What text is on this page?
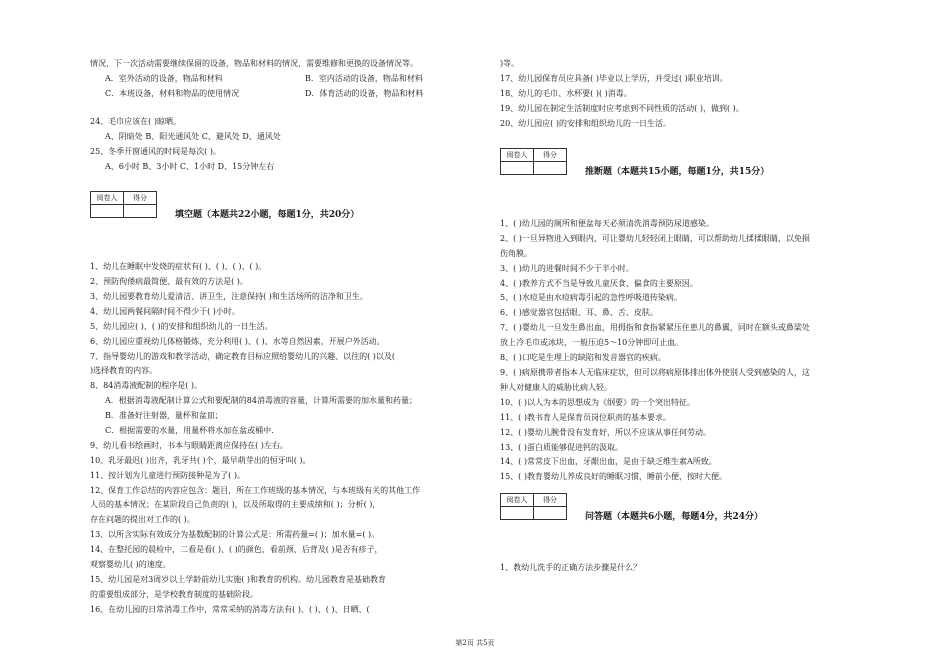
情况，下一次活动需要继续保留的设备，物品和材料的情况，需要维修和更换的设备情况等。
A．室外活动的设备，物品和材料	B．室内活动的设备，物品和材料
C．本班设备，材料和物品的使用情况	D．体育活动的设备，物品和材料
24、毛巾应该在( )晾晒。
A、阴暗处 B、阳光通风处 C、避风处 D、通风处
25、冬季开窗通风的时间是每次( )。
A、6小时 B、3小时 C、1小时 D、15分钟左右
阅卷人	得分

填空题（本题共22小题，每题1分，共20分）
1、幼儿在睡眠中发烧的症状有( )、( )、( )、( )。
2、预防佝偻病最简便、最有效的方法是( )。
3、幼儿园要教育幼儿爱清洁、讲卫生，注意保持( )和生活场所的洁净和卫生。
4、幼儿园两餐间隔时间不得少于( )小时。
5、幼儿园应( )、( )的安排和组织幼儿的一日生活。
6、幼儿园应重视幼儿体格锻炼，充分利用( )、( )、水等自然因素，开展户外活动。
7、指导婴幼儿的游戏和教学活动，确定教育目标应照给婴幼儿的兴趣、以往的( )以及(
)选择教育的内容。
8、84消毒液配制的程序是( )。
A．根据消毒液配制计算公式和要配制的84消毒液的容量，计算所需要的加水量和药量；
B．准备好注射器，量杯和盆皿；
C．根据需要的水量，用量杯将水加在盆或桶中.
9、幼儿看书绘画时，书本与眼睛距离应保持在( )左右。
10、乳牙最迟( )出齐，乳牙共( )个，最早萌芽出的恒牙叫( )。
11、按计划为儿童进行预防接种是为了( )。
12、保育工作总结的内容应包含：题目，所在工作班级的基本情况，与本班级有关的其他工作
人员的基本情况；在某阶段自己负责的( )，以及所取得的主要成绩和( )；分析( )，
存在问题的提出对工作的( )。
13、以所含实际有效成分为基数配制的计算公式是：所需药量=( )；加水量=( )。
14、在整托园的晨检中，二看是看( )、( )的颜色，看前颈、后背及( )是否有疹子，
观察婴幼儿( )的速度。
15、幼儿园是对3周岁以上学龄前幼儿实施( )和教育的机构。幼儿园教育是基础教育
的重要组成部分，是学校教育制度的基础阶段。
16、在幼儿园的日常消毒工作中，常常采纳的消毒方法有( )、( )、( )、日晒、(
)等。
17、幼儿园保育员应具备( )毕业以上学历，并受过( )职业培训。
18、幼儿的毛巾、水杯要( )( )消毒。
19、幼儿园在制定生活制度时应考虑到不同性质的活动( )，做到( )。
20、幼儿园应( )的安排和组织幼儿的一日生活。
阅卷人	得分

推断题（本题共15小题，每题1分，共15分）
1、( )幼儿园的厕所和便盆每天必须清洗消毒预防尿道感染。
2、( )一旦异物进入到眼内，可让婴幼儿轻轻闭上眼睛，可以帮助幼儿揉揉眼睛，以免损
伤角膜。
3、( )幼儿的进餐时间不少于半小时。
4、( )教养方式不当是导致儿童厌食、偏食的主要原因。
5、( )水痘是由水痘病毒引起的急性呼吸道传染病。
6、( )感觉器官包括眼、耳、鼻、舌、皮肤。
7、( )婴幼儿一旦发生鼻出血，用拇指和食指紧紧压住患儿的鼻翼，同时在额头或鼻梁处
放上冷毛巾或冰块，一般压迫5～10分钟即可止血。
8、( )口吃是生理上的缺陷和发音器官的疾病。
9、( )病原携带者指本人无临床症状，但可以将病原体排出体外使别人受到感染的人，这
种人对健康人的威胁比病人轻。
10、( )以人为本的思想成为《纲要》的一个突出特征。
11、( )教书育人是保育员岗位职责的基本要求。
12、( )婴幼儿腕骨没有发育好，所以不应该从事任何劳动。
13、( )蛋白质能够促进钙的汲取。
14、( )常常皮下出血，牙龈出血，是由于缺乏维生素A所致。
15、( )教育婴幼儿养成良好的睡眠习惯，睡前小便，按时大便。
阅卷人	得分

问答题（本题共6小题，每题4分，共24分）
1、教幼儿洗手的正确方法步骤是什么？
第2页 共5页
